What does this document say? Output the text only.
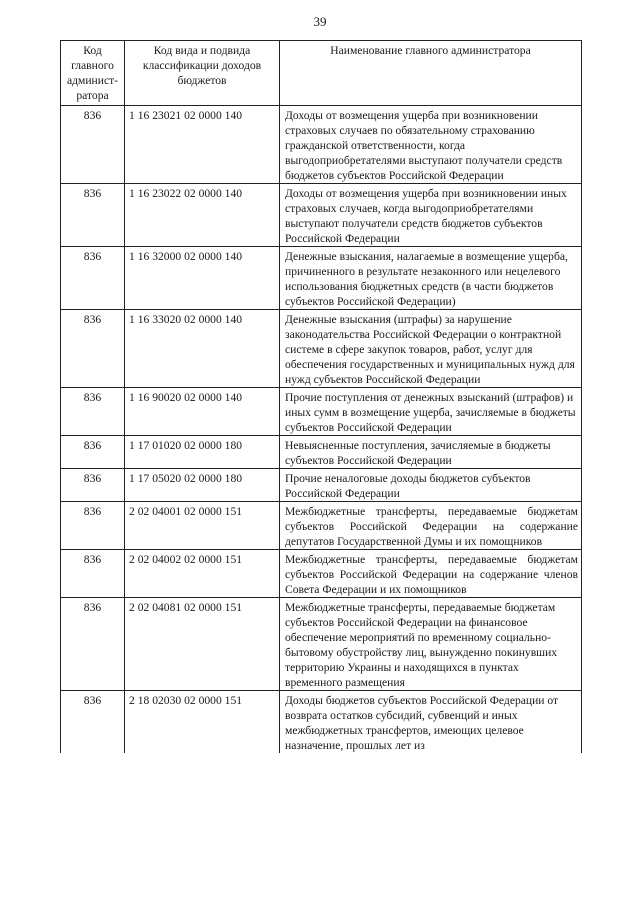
39
Код главного админист-ратора	Код вида и подвида классификации доходов бюджетов	Наименование главного администратора
836	1 16 23021 02 0000 140	Доходы от возмещения ущерба при возникновении страховых случаев по обязательному страхованию гражданской ответственности, когда выгодоприобретателями выступают получатели средств бюджетов субъектов Российской Федерации
836	1 16 23022 02 0000 140	Доходы от возмещения ущерба при возникновении иных страховых случаев, когда выгодоприобретателями выступают получатели средств бюджетов субъектов Российской Федерации
836	1 16 32000 02 0000 140	Денежные взыскания, налагаемые в возмещение ущерба, причиненного в результате незаконного или нецелевого использования бюджетных средств (в части бюджетов субъектов Российской Федерации)
836	1 16 33020 02 0000 140	Денежные взыскания (штрафы) за нарушение законодательства Российской Федерации о контрактной системе в сфере закупок товаров, работ, услуг для обеспечения государственных и муниципальных нужд для нужд субъектов Российской Федерации
836	1 16 90020 02 0000 140	Прочие поступления от денежных взысканий (штрафов) и иных сумм в возмещение ущерба, зачисляемые в бюджеты субъектов Российской Федерации
836	1 17 01020 02 0000 180	Невыясненные поступления, зачисляемые в бюджеты субъектов Российской Федерации
836	1 17 05020 02 0000 180	Прочие неналоговые доходы бюджетов субъектов Российской Федерации
836	2 02 04001 02 0000 151	Межбюджетные трансферты, передаваемые бюджетам субъектов Российской Федерации на содержание депутатов Государственной Думы и их помощников
836	2 02 04002 02 0000 151	Межбюджетные трансферты, передаваемые бюджетам субъектов Российской Федерации на содержание членов Совета Федерации и их помощников
836	2 02 04081 02 0000 151	Межбюджетные трансферты, передаваемые бюджетам субъектов Российской Федерации на финансовое обеспечение мероприятий по временному социально-бытовому обустройству лиц, вынужденно покинувших территорию Украины и находящихся в пунктах временного размещения
836	2 18 02030 02 0000 151	Доходы бюджетов субъектов Российской Федерации от возврата остатков субсидий, субвенций и иных межбюджетных трансфертов, имеющих целевое назначение, прошлых лет из
